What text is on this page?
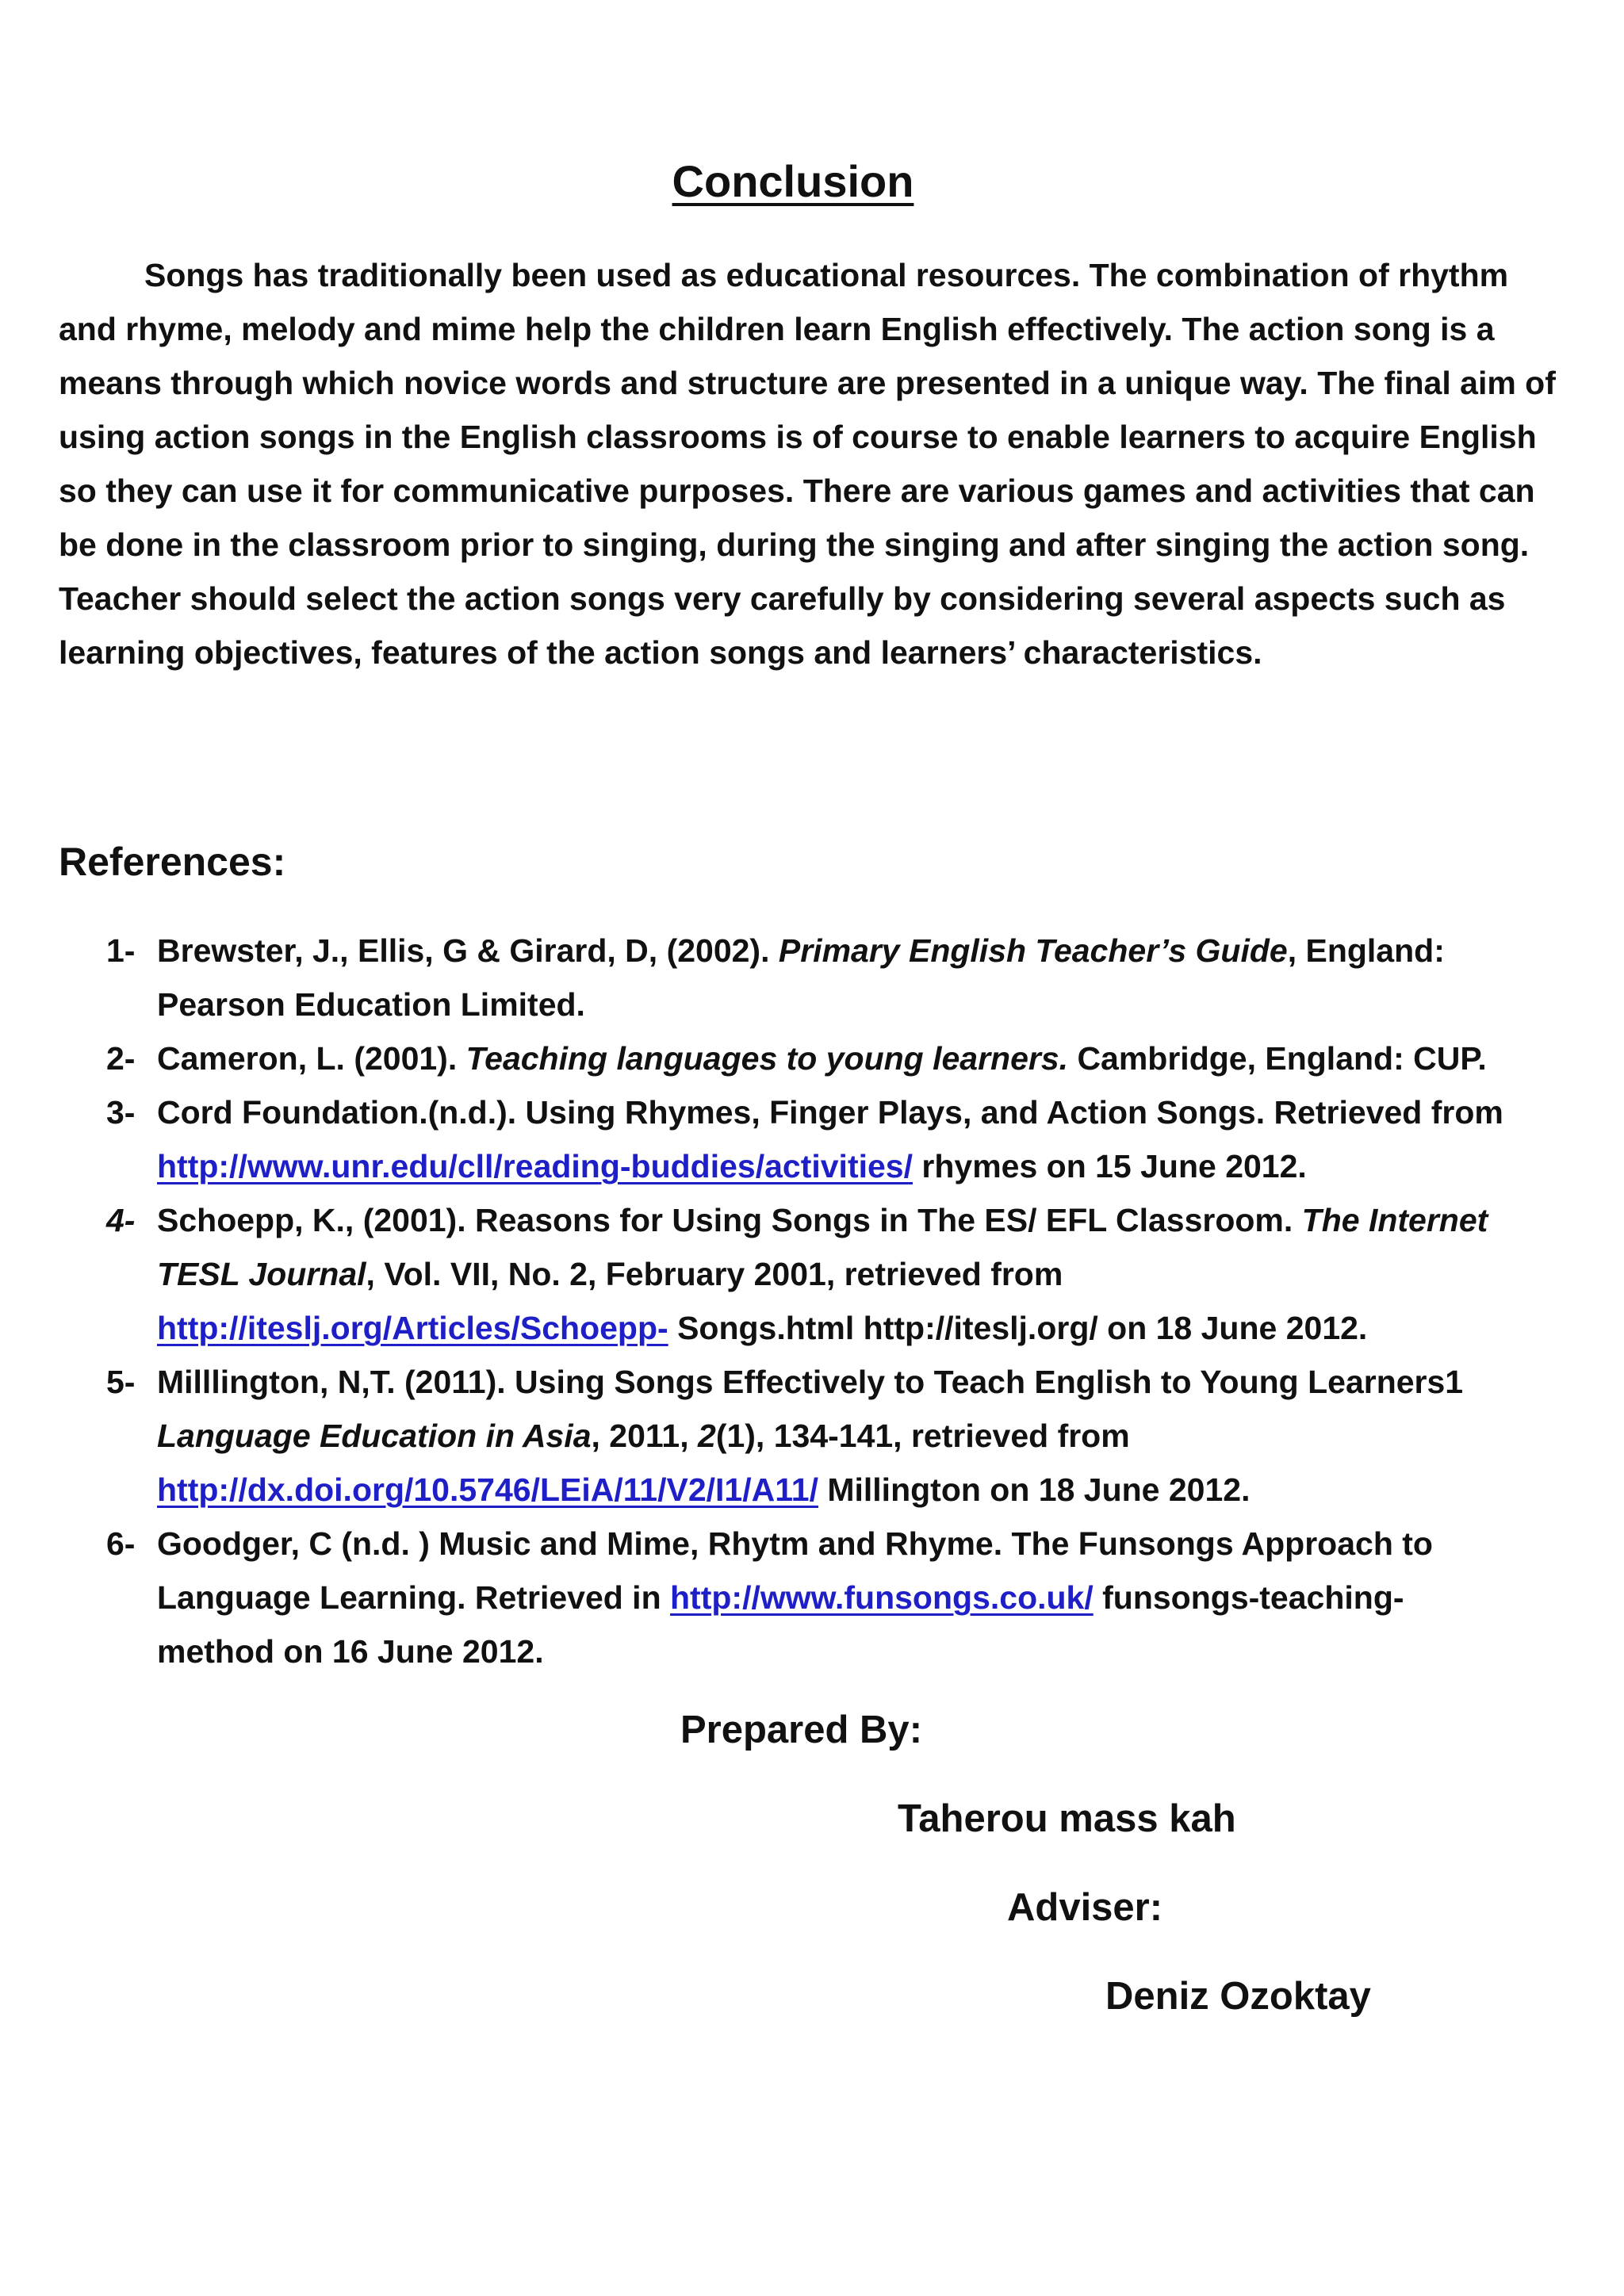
Conclusion

Songs has traditionally been used as educational resources. The combination of rhythm and rhyme, melody and mime help the children learn English effectively. The action song is a means through which novice words and structure are presented in a unique way. The final aim of using action songs in the English classrooms is of course to enable learners to acquire English so they can use it for communicative purposes. There are various games and activities that can be done in the classroom prior to singing, during the singing and after singing the action song. Teacher should select the action songs very carefully by considering several aspects such as learning objectives, features of the action songs and learners’ characteristics.

References:
1- Brewster, J., Ellis, G & Girard, D, (2002). Primary English Teacher’s Guide, England:
Pearson Education Limited.
2- Cameron, L. (2001). Teaching languages to young learners. Cambridge, England: CUP.
3- Cord Foundation.(n.d.). Using Rhymes, Finger Plays, and Action Songs. Retrieved from
http://www.unr.edu/cll/reading-buddies/activities/ rhymes on 15 June 2012.
4- Schoepp, K., (2001). Reasons for Using Songs in The ES/ EFL Classroom. The Internet
TESL Journal, Vol. VII, No. 2, February 2001, retrieved from
http://iteslj.org/Articles/Schoepp- Songs.html http://iteslj.org/ on 18 June 2012.
5- Milllington, N,T. (2011). Using Songs Effectively to Teach English to Young Learners1
Language Education in Asia, 2011, 2(1), 134-141, retrieved from
http://dx.doi.org/10.5746/LEiA/11/V2/I1/A11/ Millington on 18 June 2012.
6- Goodger, C (n.d. ) Music and Mime, Rhytm and Rhyme. The Funsongs Approach to
Language Learning. Retrieved in http://www.funsongs.co.uk/ funsongs-teaching-
method on 16 June 2012.
Prepared By:
Taherou mass kah
Adviser:
Deniz Ozoktay
